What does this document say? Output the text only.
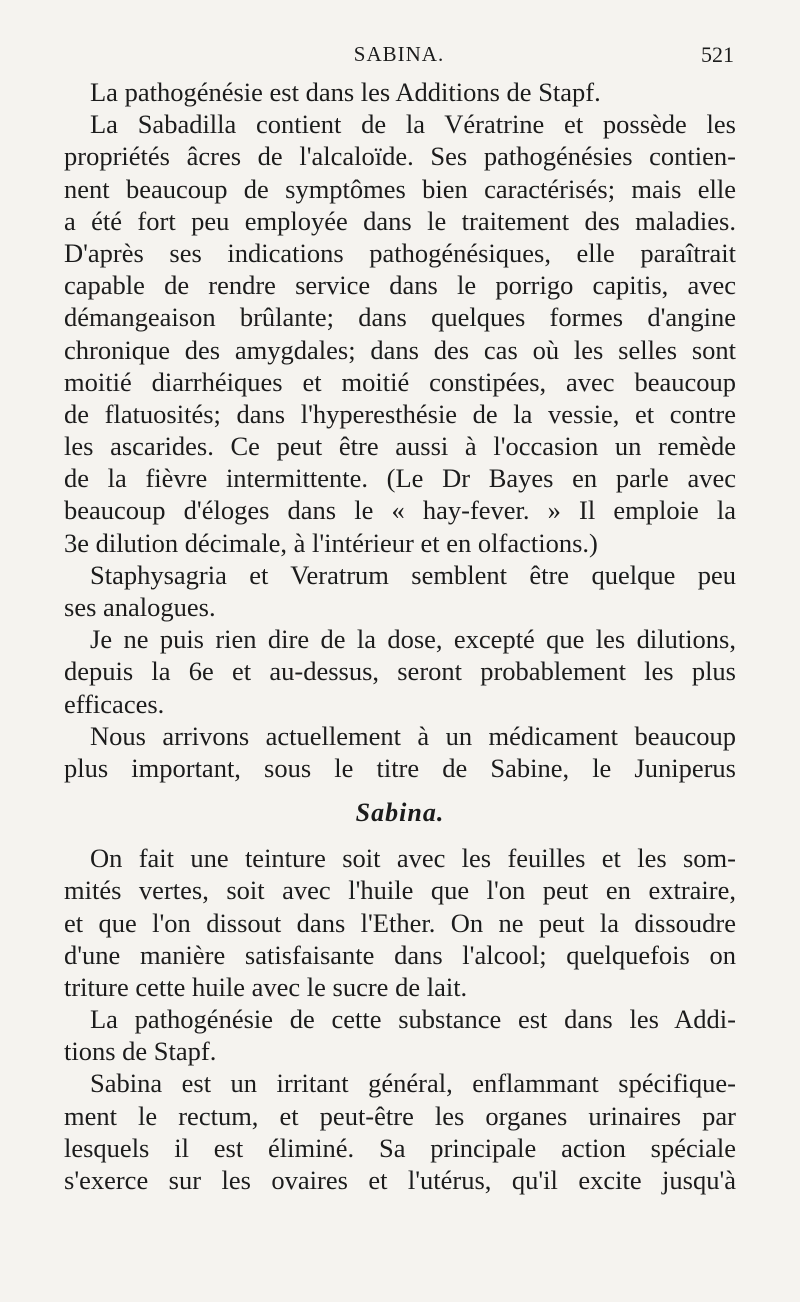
SABINA.	521
La pathogénésie est dans les Additions de Stapf.
La Sabadilla contient de la Vératrine et possède les
propriétés âcres de l'alcaloïde. Ses pathogénésies contien-
nent beaucoup de symptômes bien caractérisés; mais elle
a été fort peu employée dans le traitement des maladies.
D'après ses indications pathogénésiques, elle paraîtrait
capable de rendre service dans le porrigo capitis, avec
démangeaison brûlante; dans quelques formes d'angine
chronique des amygdales; dans des cas où les selles sont
moitié diarrhéiques et moitié constipées, avec beaucoup
de flatuosités; dans l'hyperesthésie de la vessie, et contre
les ascarides. Ce peut être aussi à l'occasion un remède
de la fièvre intermittente. (Le Dr Bayes en parle avec
beaucoup d'éloges dans le « hay-fever. » Il emploie la
3e dilution décimale, à l'intérieur et en olfactions.)
Staphysagria et Veratrum semblent être quelque peu
ses analogues.
Je ne puis rien dire de la dose, excepté que les dilutions,
depuis la 6e et au-dessus, seront probablement les plus
efficaces.
Nous arrivons actuellement à un médicament beaucoup
plus important, sous le titre de Sabine, le Juniperus
Sabina.
On fait une teinture soit avec les feuilles et les som-
mités vertes, soit avec l'huile que l'on peut en extraire,
et que l'on dissout dans l'Ether. On ne peut la dissoudre
d'une manière satisfaisante dans l'alcool; quelquefois on
triture cette huile avec le sucre de lait.
La pathogénésie de cette substance est dans les Addi-
tions de Stapf.
Sabina est un irritant général, enflammant spécifique-
ment le rectum, et peut-être les organes urinaires par
lesquels il est éliminé. Sa principale action spéciale
s'exerce sur les ovaires et l'utérus, qu'il excite jusqu'à
